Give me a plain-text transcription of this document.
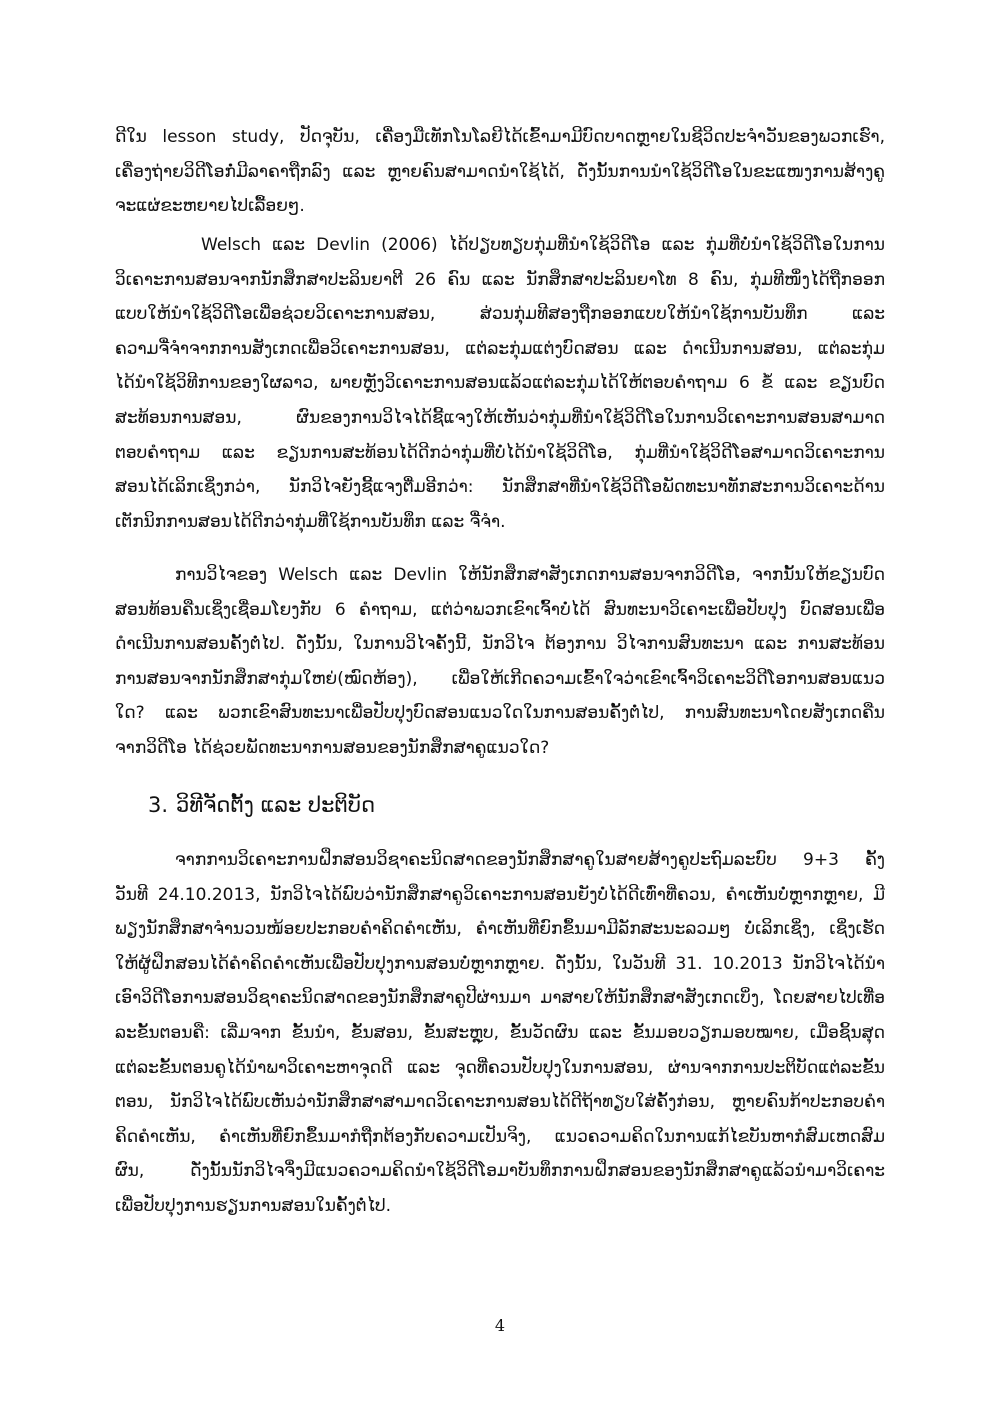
ດີໃນ lesson study, ປັດຈຸບັນ, ເຄື່ອງມືເທັກໂນໂລຍີໄດ້ເຂົ້າມາມີບົດບາດຫຼາຍໃນຊີວິດປະຈໍາວັນຂອງພວກເຮົາ,
ເຄື່ອງຖ່າຍວິດີໂອກໍ່ມີລາຄາຖືກລົງ ແລະ ຫຼາຍຄົນສາມາດນໍາໃຊ້ໄດ້, ດັ່ງນັ້ນການນໍາໃຊ້ວິດີໂອໃນຂະແໜງການສ້າງຄູ
ຈະແຜ່ຂະຫຍາຍໄປເລື້ອຍໆ.
Welsch ແລະ Devlin (2006) ໄດ້ປຽບທຽບກຸ່ມທີ່ນໍາໃຊ້ວິດີໂອ ແລະ ກຸ່ມທີ່ບໍ່ນໍາໃຊ້ວິດີໂອໃນການ
ວິເຄາະການສອນຈາກນັກສຶກສາປະລິນຍາຕີ 26 ຄົນ ແລະ ນັກສຶກສາປະລິນຍາໂທ 8 ຄົນ, ກຸ່ມທີໜຶ່ງໄດ້ຖືກອອກ
ແບບໃຫ້ນໍາໃຊ້ວິດີໂອເພື່ອຊ່ວຍວິເຄາະການສອນ, ສ່ວນກຸ່ມທີສອງຖືກອອກແບບໃຫ້ນໍາໃຊ້ການບັນທຶກ ແລະ
ຄວາມຈື່ຈໍາຈາກການສັງເກດເພື່ອວິເຄາະການສອນ, ແຕ່ລະກຸ່ມແຕ່ງບົດສອນ ແລະ ດໍາເນີນການສອນ, ແຕ່ລະກຸ່ມ
ໄດ້ນໍາໃຊ້ວິທີການຂອງໃຜລາວ, ພາຍຫຼັງວິເຄາະການສອນແລ້ວແຕ່ລະກຸ່ມໄດ້ໃຫ້ຕອບຄໍາຖາມ 6 ຂໍ້ ແລະ ຂຽນບົດ
ສະທ້ອນການສອນ, ຜົນຂອງການວິໄຈໄດ້ຊີ້ແຈງໃຫ້ເຫັນວ່າກຸ່ມທີ່ນໍາໃຊ້ວິດີໂອໃນການວິເຄາະການສອນສາມາດ
ຕອບຄໍາຖາມ ແລະ ຂຽນການສະທ້ອນໄດ້ດີກວ່າກຸ່ມທີ່ບໍ່ໄດ້ນໍາໃຊ້ວິດີໂອ, ກຸ່ມທີ່ນໍາໃຊ້ວິດີໂອສາມາດວິເຄາະການ
ສອນໄດ້ເລິກເຊິ່ງກວ່າ, ນັກວິໄຈຍັງຊີ້ແຈງຕື່ມອີກວ່າ: ນັກສຶກສາທີ່ນໍາໃຊ້ວິດີໂອພັດທະນາທັກສະການວິເຄາະດ້ານ
ເຕັກນິກການສອນໄດ້ດີກວ່າກຸ່ມທີ່ໃຊ້ການບັນທຶກ ແລະ ຈື່ຈໍາ.
ການວິໄຈຂອງ Welsch ແລະ Devlin ໃຫ້ນັກສຶກສາສັງເກດການສອນຈາກວິດີໂອ, ຈາກນັ້ນໃຫ້ຂຽນບົດ
ສອນທ້ອນຄືນເຊິ່ງເຊື່ອມໂຍງກັບ 6 ຄໍາຖາມ, ແຕ່ວ່າພວກເຂົາເຈົ້າບໍ່ໄດ້ ສົນທະນາວິເຄາະເພື່ອປັບປຸງ ບົດສອນເພື່ອ
ດໍາເນີນການສອນຄັ້ງຕໍ່ໄປ. ດັ່ງນັ້ນ, ໃນການວິໄຈຄັ້ງນີ້, ນັກວິໄຈ ຕ້ອງການ ວິໄຈການສົນທະນາ ແລະ ການສະທ້ອນ
ການສອນຈາກນັກສຶກສາກຸ່ມໃຫຍ່(ໝົດຫ້ອງ), ເພື່ອໃຫ້ເກີດຄວາມເຂົ້າໃຈວ່າເຂົາເຈົ້າວິເຄາະວິດີໂອການສອນແນວ
ໃດ? ແລະ ພວກເຂົາສົນທະນາເພື່ອປັບປຸງບົດສອນແນວໃດໃນການສອນຄັ້ງຕໍ່ໄປ, ການສົນທະນາໂດຍສັງເກດຄືນ
ຈາກວິດີໂອ ໄດ້ຊ່ວຍພັດທະນາການສອນຂອງນັກສຶກສາຄູແນວໃດ?
3. ວິທີຈັດຕັ້ງ ແລະ ປະຕິບັດ
ຈາກການວິເຄາະການຝຶກສອນວິຊາຄະນິດສາດຂອງນັກສຶກສາຄູໃນສາຍສ້າງຄູປະຖົມລະບົບ 9+3 ຄັ້ງ
ວັນທີ 24.10.2013, ນັກວິໄຈໄດ້ພົບວ່ານັກສຶກສາຄູວິເຄາະການສອນຍັງບໍ່ໄດ້ດີເທົ່າທີ່ຄວນ, ຄໍາເຫັນບໍ່ຫຼາກຫຼາຍ, ມີ
ພຽງນັກສຶກສາຈໍານວນໜ້ອຍປະກອບຄໍາຄິດຄໍາເຫັນ, ຄໍາເຫັນທີ່ຍົກຂຶ້ນມາມີລັກສະນະລວມໆ ບໍ່ເລິກເຊິ່ງ, ເຊິ່ງເຮັດ
ໃຫ້ຜູ້ຝຶກສອນໄດ້ຄໍາຄິດຄໍາເຫັນເພື່ອປັບປຸງການສອນບໍ່ຫຼາກຫຼາຍ. ດັ່ງນັ້ນ, ໃນວັນທີ 31. 10.2013 ນັກວິໄຈໄດ້ນໍາ
ເອົາວິດີໂອການສອນວິຊາຄະນິດສາດຂອງນັກສຶກສາຄູປີຜ່ານມາ ມາສາຍໃຫ້ນັກສຶກສາສັງເກດເບິ່ງ, ໂດຍສາຍໄປເທື່ອ
ລະຂັ້ນຕອນຄື: ເລີ່ມຈາກ ຂັ້ນນໍາ, ຂັ້ນສອນ, ຂັ້ນສະຫຼຸບ, ຂັ້ນວັດຜົນ ແລະ ຂັ້ນມອບວຽກມອບໝາຍ, ເມື່ອຊິ້ນສຸດ
ແຕ່ລະຂັ້ນຕອນຄູໄດ້ນໍາພາວິເຄາະຫາຈຸດດີ ແລະ ຈຸດທີ່ຄວນປັບປຸງໃນການສອນ, ຜ່ານຈາກການປະຕິບັດແຕ່ລະຂັ້ນ
ຕອນ, ນັກວິໄຈໄດ້ພົບເຫັນວ່ານັກສຶກສາສາມາດວິເຄາະການສອນໄດ້ດີຖ້າທຽບໃສ່ຄັ້ງກ່ອນ, ຫຼາຍຄົນກ້າປະກອບຄໍາ
ຄິດຄໍາເຫັນ, ຄໍາເຫັນທີ່ຍົກຂຶ້ນມາກໍຖືກຕ້ອງກັບຄວາມເປັນຈິງ, ແນວຄວາມຄິດໃນການແກ້ໄຂບັນຫາກໍສົມເຫດສົມ
ຜົນ, ດັ່ງນັ້ນນັກວິໄຈຈຶ່ງມີແນວຄວາມຄິດນໍາໃຊ້ວິດີໂອມາບັນທຶກການຝຶກສອນຂອງນັກສຶກສາຄູແລ້ວນໍາມາວິເຄາະ
ເພື່ອປັບປຸງການຮຽນການສອນໃນຄັ້ງຕໍ່ໄປ.
4
